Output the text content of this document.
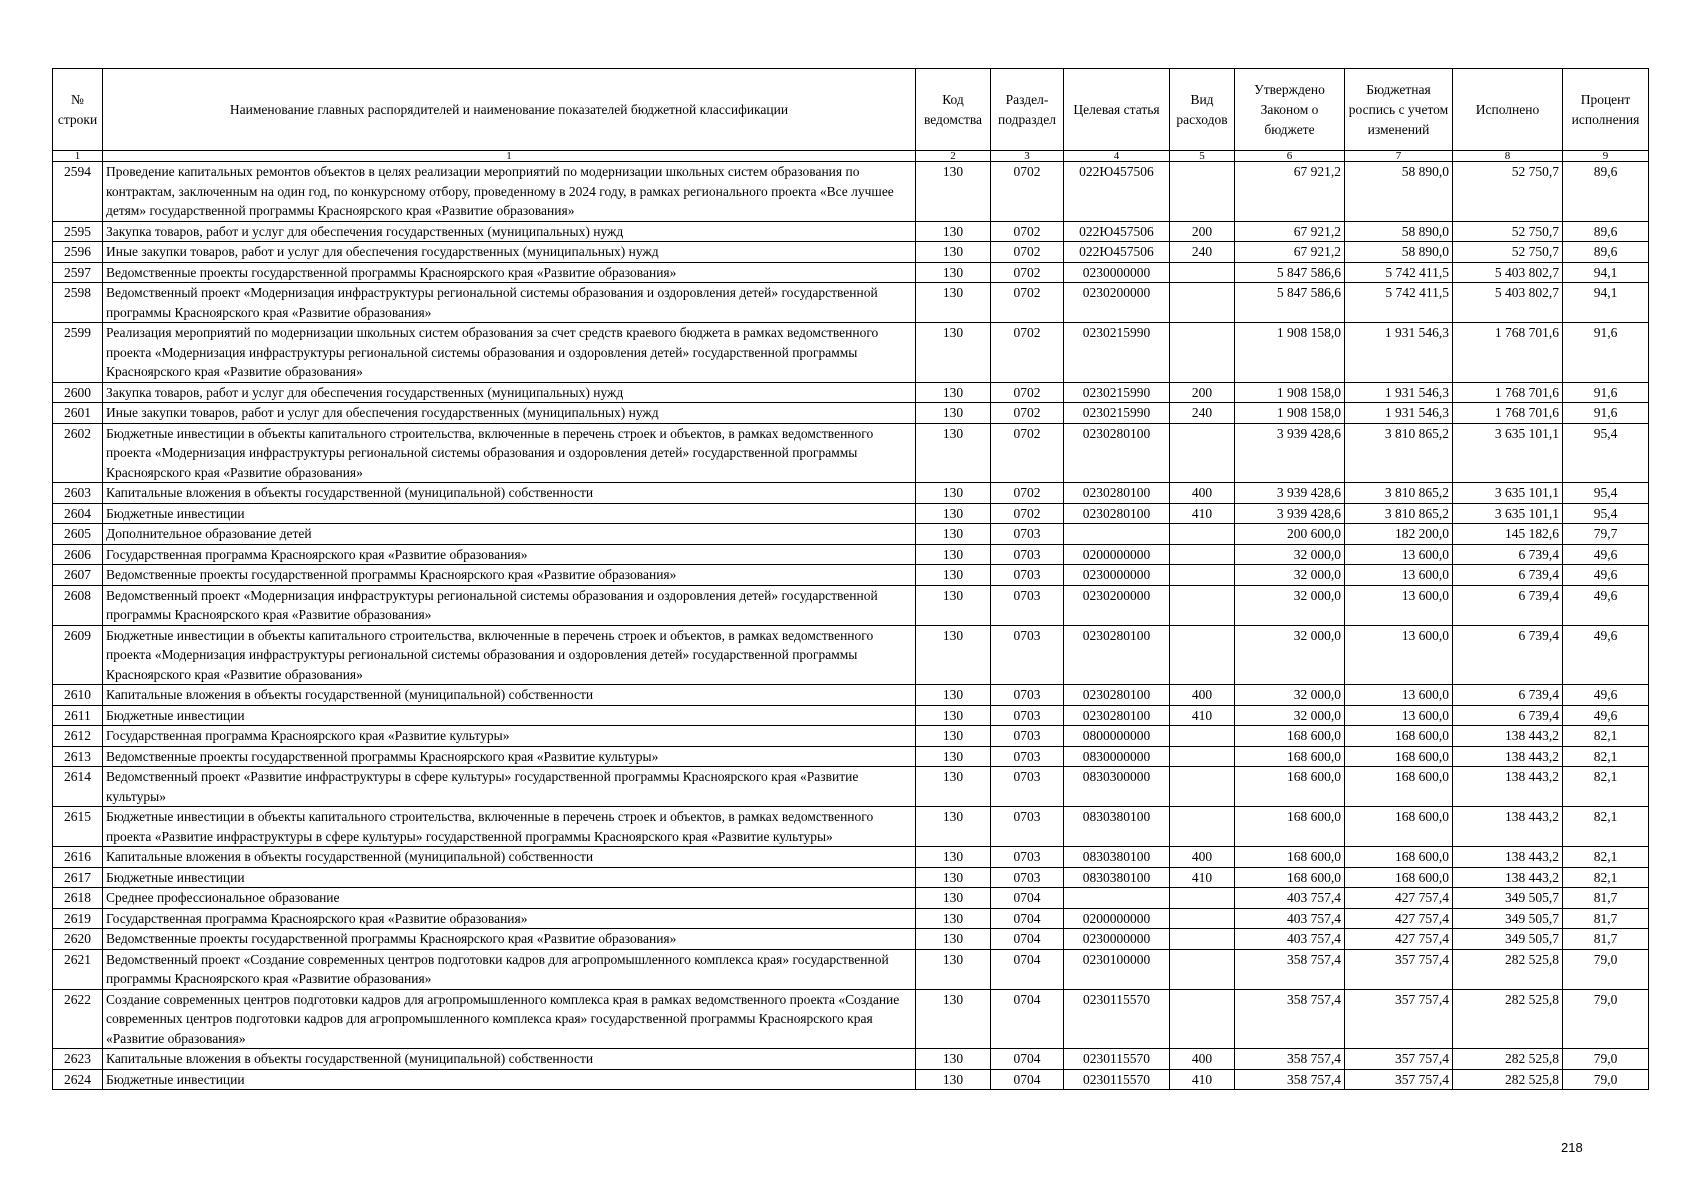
№ строки	Наименование главных распорядителей и наименование показателей бюджетной классификации	Код ведомства	Раздел-подраздел	Целевая статья	Вид расходов	Утверждено Законом о бюджете	Бюджетная роспись с учетом изменений	Исполнено	Процент исполнения
1	1	2	3	4	5	6	7	8	9
2594	Проведение капитальных ремонтов объектов в целях реализации мероприятий по модернизации школьных систем образования по контрактам, заключенным на один год, по конкурсному отбору, проведенному в 2024 году, в рамках регионального проекта «Все лучшее детям» государственной программы Красноярского края «Развитие образования»	130	0702	022Ю457506		67 921,2	58 890,0	52 750,7	89,6
2595	Закупка товаров, работ и услуг для обеспечения государственных (муниципальных) нужд	130	0702	022Ю457506	200	67 921,2	58 890,0	52 750,7	89,6
2596	Иные закупки товаров, работ и услуг для обеспечения государственных (муниципальных) нужд	130	0702	022Ю457506	240	67 921,2	58 890,0	52 750,7	89,6
2597	Ведомственные проекты государственной программы Красноярского края «Развитие образования»	130	0702	0230000000		5 847 586,6	5 742 411,5	5 403 802,7	94,1
2598	Ведомственный проект «Модернизация инфраструктуры региональной системы образования и оздоровления детей» государственной программы Красноярского края «Развитие образования»	130	0702	0230200000		5 847 586,6	5 742 411,5	5 403 802,7	94,1
2599	Реализация мероприятий по модернизации школьных систем образования за счет средств краевого бюджета в рамках ведомственного проекта «Модернизация инфраструктуры региональной системы образования и оздоровления детей» государственной программы Красноярского края «Развитие образования»	130	0702	0230215990		1 908 158,0	1 931 546,3	1 768 701,6	91,6
2600	Закупка товаров, работ и услуг для обеспечения государственных (муниципальных) нужд	130	0702	0230215990	200	1 908 158,0	1 931 546,3	1 768 701,6	91,6
2601	Иные закупки товаров, работ и услуг для обеспечения государственных (муниципальных) нужд	130	0702	0230215990	240	1 908 158,0	1 931 546,3	1 768 701,6	91,6
2602	Бюджетные инвестиции в объекты капитального строительства, включенные в перечень строек и объектов, в рамках ведомственного проекта «Модернизация инфраструктуры региональной системы образования и оздоровления детей» государственной программы Красноярского края «Развитие образования»	130	0702	0230280100		3 939 428,6	3 810 865,2	3 635 101,1	95,4
2603	Капитальные вложения в объекты государственной (муниципальной) собственности	130	0702	0230280100	400	3 939 428,6	3 810 865,2	3 635 101,1	95,4
2604	Бюджетные инвестиции	130	0702	0230280100	410	3 939 428,6	3 810 865,2	3 635 101,1	95,4
2605	Дополнительное образование детей	130	0703			200 600,0	182 200,0	145 182,6	79,7
2606	Государственная программа Красноярского края «Развитие образования»	130	0703	0200000000		32 000,0	13 600,0	6 739,4	49,6
2607	Ведомственные проекты государственной программы Красноярского края «Развитие образования»	130	0703	0230000000		32 000,0	13 600,0	6 739,4	49,6
2608	Ведомственный проект «Модернизация инфраструктуры региональной системы образования и оздоровления детей» государственной программы Красноярского края «Развитие образования»	130	0703	0230200000		32 000,0	13 600,0	6 739,4	49,6
2609	Бюджетные инвестиции в объекты капитального строительства, включенные в перечень строек и объектов, в рамках ведомственного проекта «Модернизация инфраструктуры региональной системы образования и оздоровления детей» государственной программы Красноярского края «Развитие образования»	130	0703	0230280100		32 000,0	13 600,0	6 739,4	49,6
2610	Капитальные вложения в объекты государственной (муниципальной) собственности	130	0703	0230280100	400	32 000,0	13 600,0	6 739,4	49,6
2611	Бюджетные инвестиции	130	0703	0230280100	410	32 000,0	13 600,0	6 739,4	49,6
2612	Государственная программа Красноярского края «Развитие культуры»	130	0703	0800000000		168 600,0	168 600,0	138 443,2	82,1
2613	Ведомственные проекты государственной программы Красноярского края «Развитие культуры»	130	0703	0830000000		168 600,0	168 600,0	138 443,2	82,1
2614	Ведомственный проект «Развитие инфраструктуры в сфере культуры» государственной программы Красноярского края «Развитие культуры»	130	0703	0830300000		168 600,0	168 600,0	138 443,2	82,1
2615	Бюджетные инвестиции в объекты капитального строительства, включенные в перечень строек и объектов, в рамках ведомственного проекта «Развитие инфраструктуры в сфере культуры» государственной программы Красноярского края «Развитие культуры»	130	0703	0830380100		168 600,0	168 600,0	138 443,2	82,1
2616	Капитальные вложения в объекты государственной (муниципальной) собственности	130	0703	0830380100	400	168 600,0	168 600,0	138 443,2	82,1
2617	Бюджетные инвестиции	130	0703	0830380100	410	168 600,0	168 600,0	138 443,2	82,1
2618	Среднее профессиональное образование	130	0704			403 757,4	427 757,4	349 505,7	81,7
2619	Государственная программа Красноярского края «Развитие образования»	130	0704	0200000000		403 757,4	427 757,4	349 505,7	81,7
2620	Ведомственные проекты государственной программы Красноярского края «Развитие образования»	130	0704	0230000000		403 757,4	427 757,4	349 505,7	81,7
2621	Ведомственный проект «Создание современных центров подготовки кадров для агропромышленного комплекса края» государственной программы Красноярского края «Развитие образования»	130	0704	0230100000		358 757,4	357 757,4	282 525,8	79,0
2622	Создание современных центров подготовки кадров для агропромышленного комплекса края в рамках ведомственного проекта «Создание современных центров подготовки кадров для агропромышленного комплекса края» государственной программы Красноярского края «Развитие образования»	130	0704	0230115570		358 757,4	357 757,4	282 525,8	79,0
2623	Капитальные вложения в объекты государственной (муниципальной) собственности	130	0704	0230115570	400	358 757,4	357 757,4	282 525,8	79,0
2624	Бюджетные инвестиции	130	0704	0230115570	410	358 757,4	357 757,4	282 525,8	79,0
218
